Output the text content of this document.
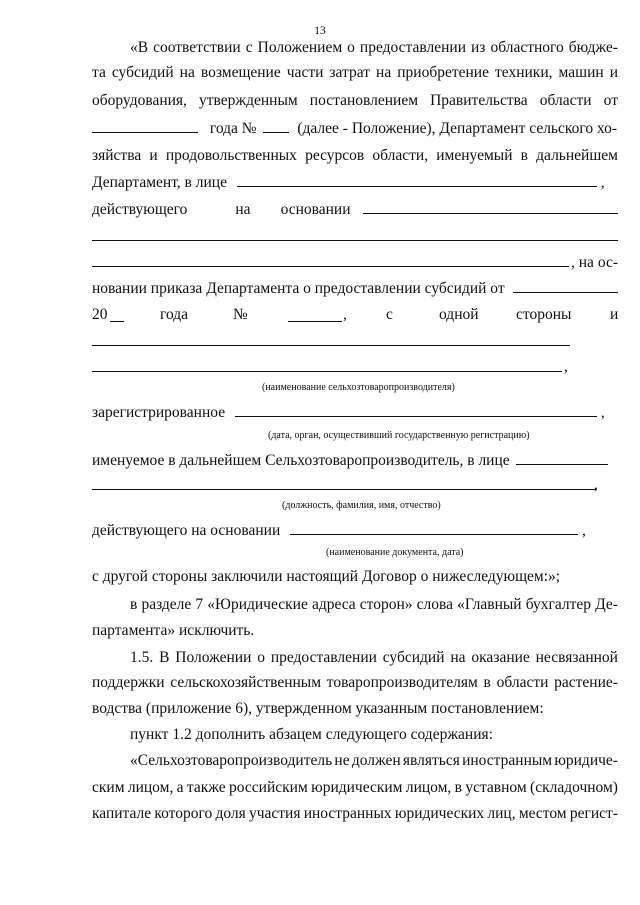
13
«В соответствии с Положением о предоставлении из областного бюдже-
та субсидий на возмещение части затрат на приобретение техники, машин и
оборудования, утвержденным постановлением Правительства области от
года №	(далее - Положение), Департамент сельского хо-
зяйства и продовольственных ресурсов области, именуемый в дальнейшем
Департамент, в лице	,
действующего	на основании
, на ос-
новании приказа Департамента о предоставлении субсидий от
20	года	№	,	с	одной стороны и
,
(наименование сельхозтоваропроизводителя)
зарегистрированное	,
(дата, орган, осуществивший государственную регистрацию)
именуемое в дальнейшем Сельхозтоваропроизводитель, в лице
,
(должность, фамилия, имя, отчество)
действующего на основании	,
(наименование документа, дата)
с другой стороны заключили настоящий Договор о нижеследующем:»;
в разделе 7 «Юридические адреса сторон» слова «Главный бухгалтер Де-
партамента» исключить.
1.5. В Положении о предоставлении субсидий на оказание несвязанной
поддержки сельскохозяйственным товаропроизводителям в области растение-
водства (приложение 6), утвержденном указанным постановлением:
пункт 1.2 дополнить абзацем следующего содержания:
«Сельхозтоваропроизводитель не должен являться иностранным юридиче-
ским лицом, а также российским юридическим лицом, в уставном (складочном)
капитале которого доля участия иностранных юридических лиц, местом регист-
